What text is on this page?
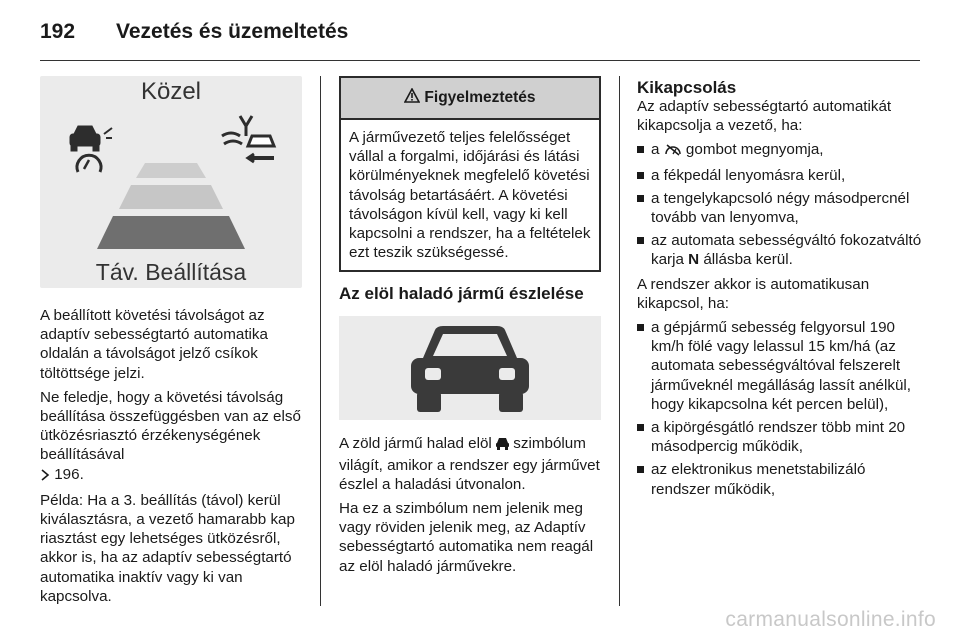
192	Vezetés és üzemeltetés
Közel
Táv. Beállítása

A beállított követési távolságot az adaptív sebességtartó automatika oldalán a távolságot jelző csíkok töltöttsége jelzi.

Ne feledje, hogy a követési távolság beállítása összefüggésben van az első ütközésriasztó érzékenységének beállításával
196.

Példa: Ha a 3. beállítás (távol) kerül kiválasztásra, a vezető hamarabb kap riasztást egy lehetséges ütközésről, akkor is, ha az adaptív sebességtartó automatika inaktív vagy ki van kapcsolva.

Figyelmeztetés
A járművezető teljes felelősséget vállal a forgalmi, időjárási és látási körülményeknek megfelelő követési távolság betartásáért. A követési távolságon kívül kell, vagy ki kell kapcsolni a rendszer, ha a feltételek ezt teszik szükségessé.
Az elöl haladó jármű észlelése

A zöld jármű halad elöl szimbólum világít, amikor a rendszer egy járművet észlel a haladási útvonalon.

Ha ez a szimbólum nem jelenik meg vagy röviden jelenik meg, az Adaptív sebességtartó automatika nem reagál az elöl haladó járművekre.

Kikapcsolás

Az adaptív sebességtartó automatikát kikapcsolja a vezető, ha:

a gombot megnyomja,
a fékpedál lenyomásra kerül,
a tengelykapcsoló négy másodpercnél tovább van lenyomva,
az automata sebességváltó fokozatváltó karja N állásba kerül.

A rendszer akkor is automatikusan kikapcsol, ha:

a gépjármű sebesség felgyorsul 190 km/h fölé vagy lelassul 15 km/há (az automata sebességváltóval felszerelt járműveknél megálláság lassít anélkül, hogy kikapcsolna két percen belül),
a kipörgésgátló rendszer több mint 20 másodpercig működik,
az elektronikus menetstabilizáló rendszer működik,
carmanualsonline.info
